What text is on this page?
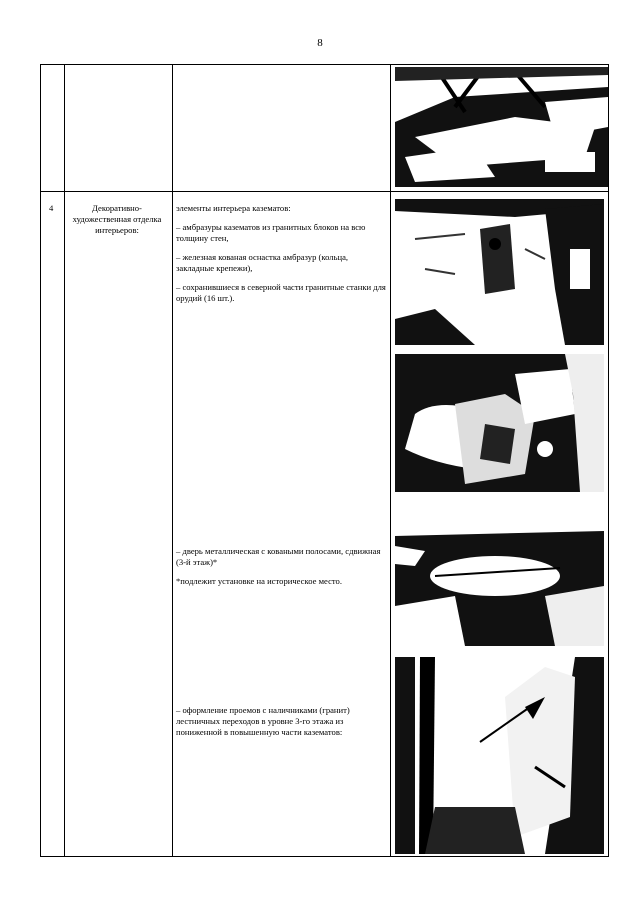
8
4	Декоративно-художественная отделка интерьеров:

элементы интерьера казематов:

– амбразуры казематов из гранитных блоков на всю толщину стен,

– железная кованая оснастка амбразур (кольца, закладные крепежи),

– сохранившиеся в северной части гранитные станки для орудий (16 шт.).

– дверь металлическая с коваными полосами, сдвижная (3-й этаж)*

*подлежит установке на историческое место.

– оформление проемов с наличниками (гранит) лестничных переходов в уровне 3-го этажа из пониженной в повышенную части казематов:
